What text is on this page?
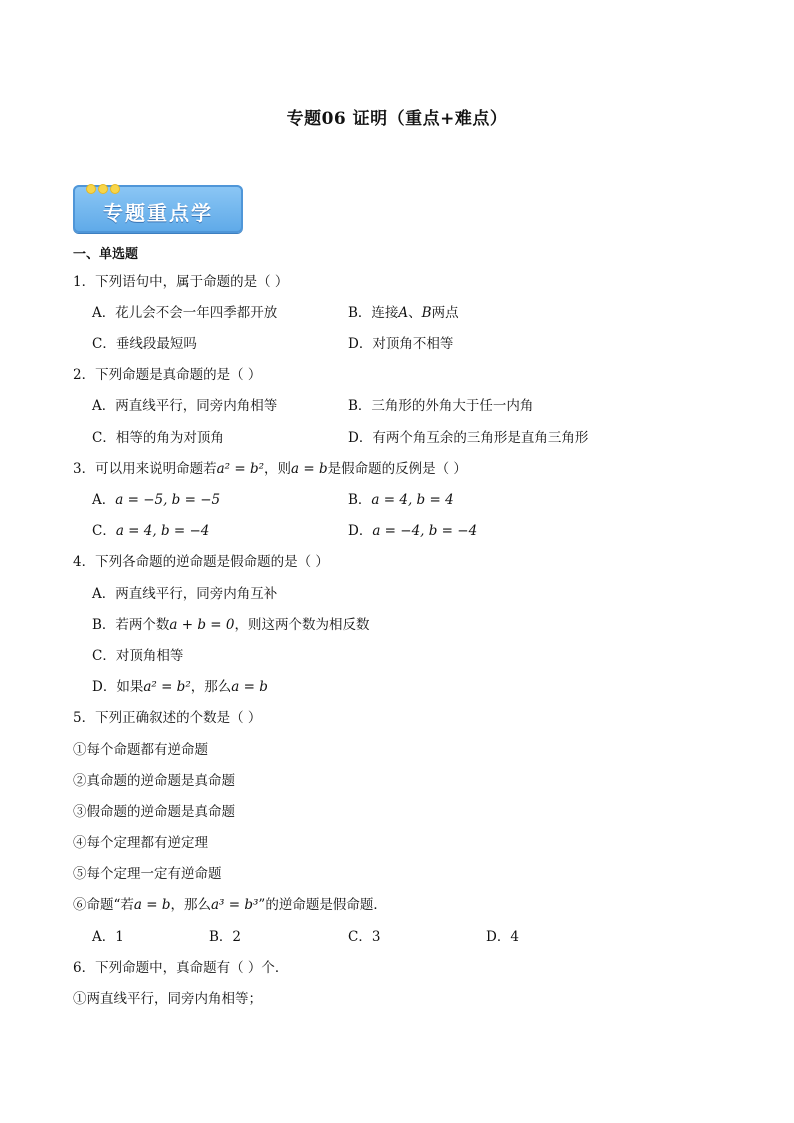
专题06 证明（重点+难点）
专题重点学
一、单选题
1．下列语句中，属于命题的是（ ）
A．花儿会不会一年四季都开放	B．连接A、B两点
C．垂线段最短吗	D．对顶角不相等
2．下列命题是真命题的是（ ）
A．两直线平行，同旁内角相等	B．三角形的外角大于任一内角
C．相等的角为对顶角	D．有两个角互余的三角形是直角三角形
3．可以用来说明命题若a² = b²，则a = b是假命题的反例是（ ）
A．a = −5, b = −5	B．a = 4, b = 4
C．a = 4, b = −4	D．a = −4, b = −4
4．下列各命题的逆命题是假命题的是（ ）
A．两直线平行，同旁内角互补
B．若两个数a + b = 0，则这两个数为相反数
C．对顶角相等
D．如果a² = b²，那么a = b
5．下列正确叙述的个数是（ ）
①每个命题都有逆命题
②真命题的逆命题是真命题
③假命题的逆命题是真命题
④每个定理都有逆定理
⑤每个定理一定有逆命题
⑥命题“若a = b，那么a³ = b³”的逆命题是假命题．
A．1	B．2	C．3	D．4
6．下列命题中，真命题有（ ）个．
①两直线平行，同旁内角相等；
